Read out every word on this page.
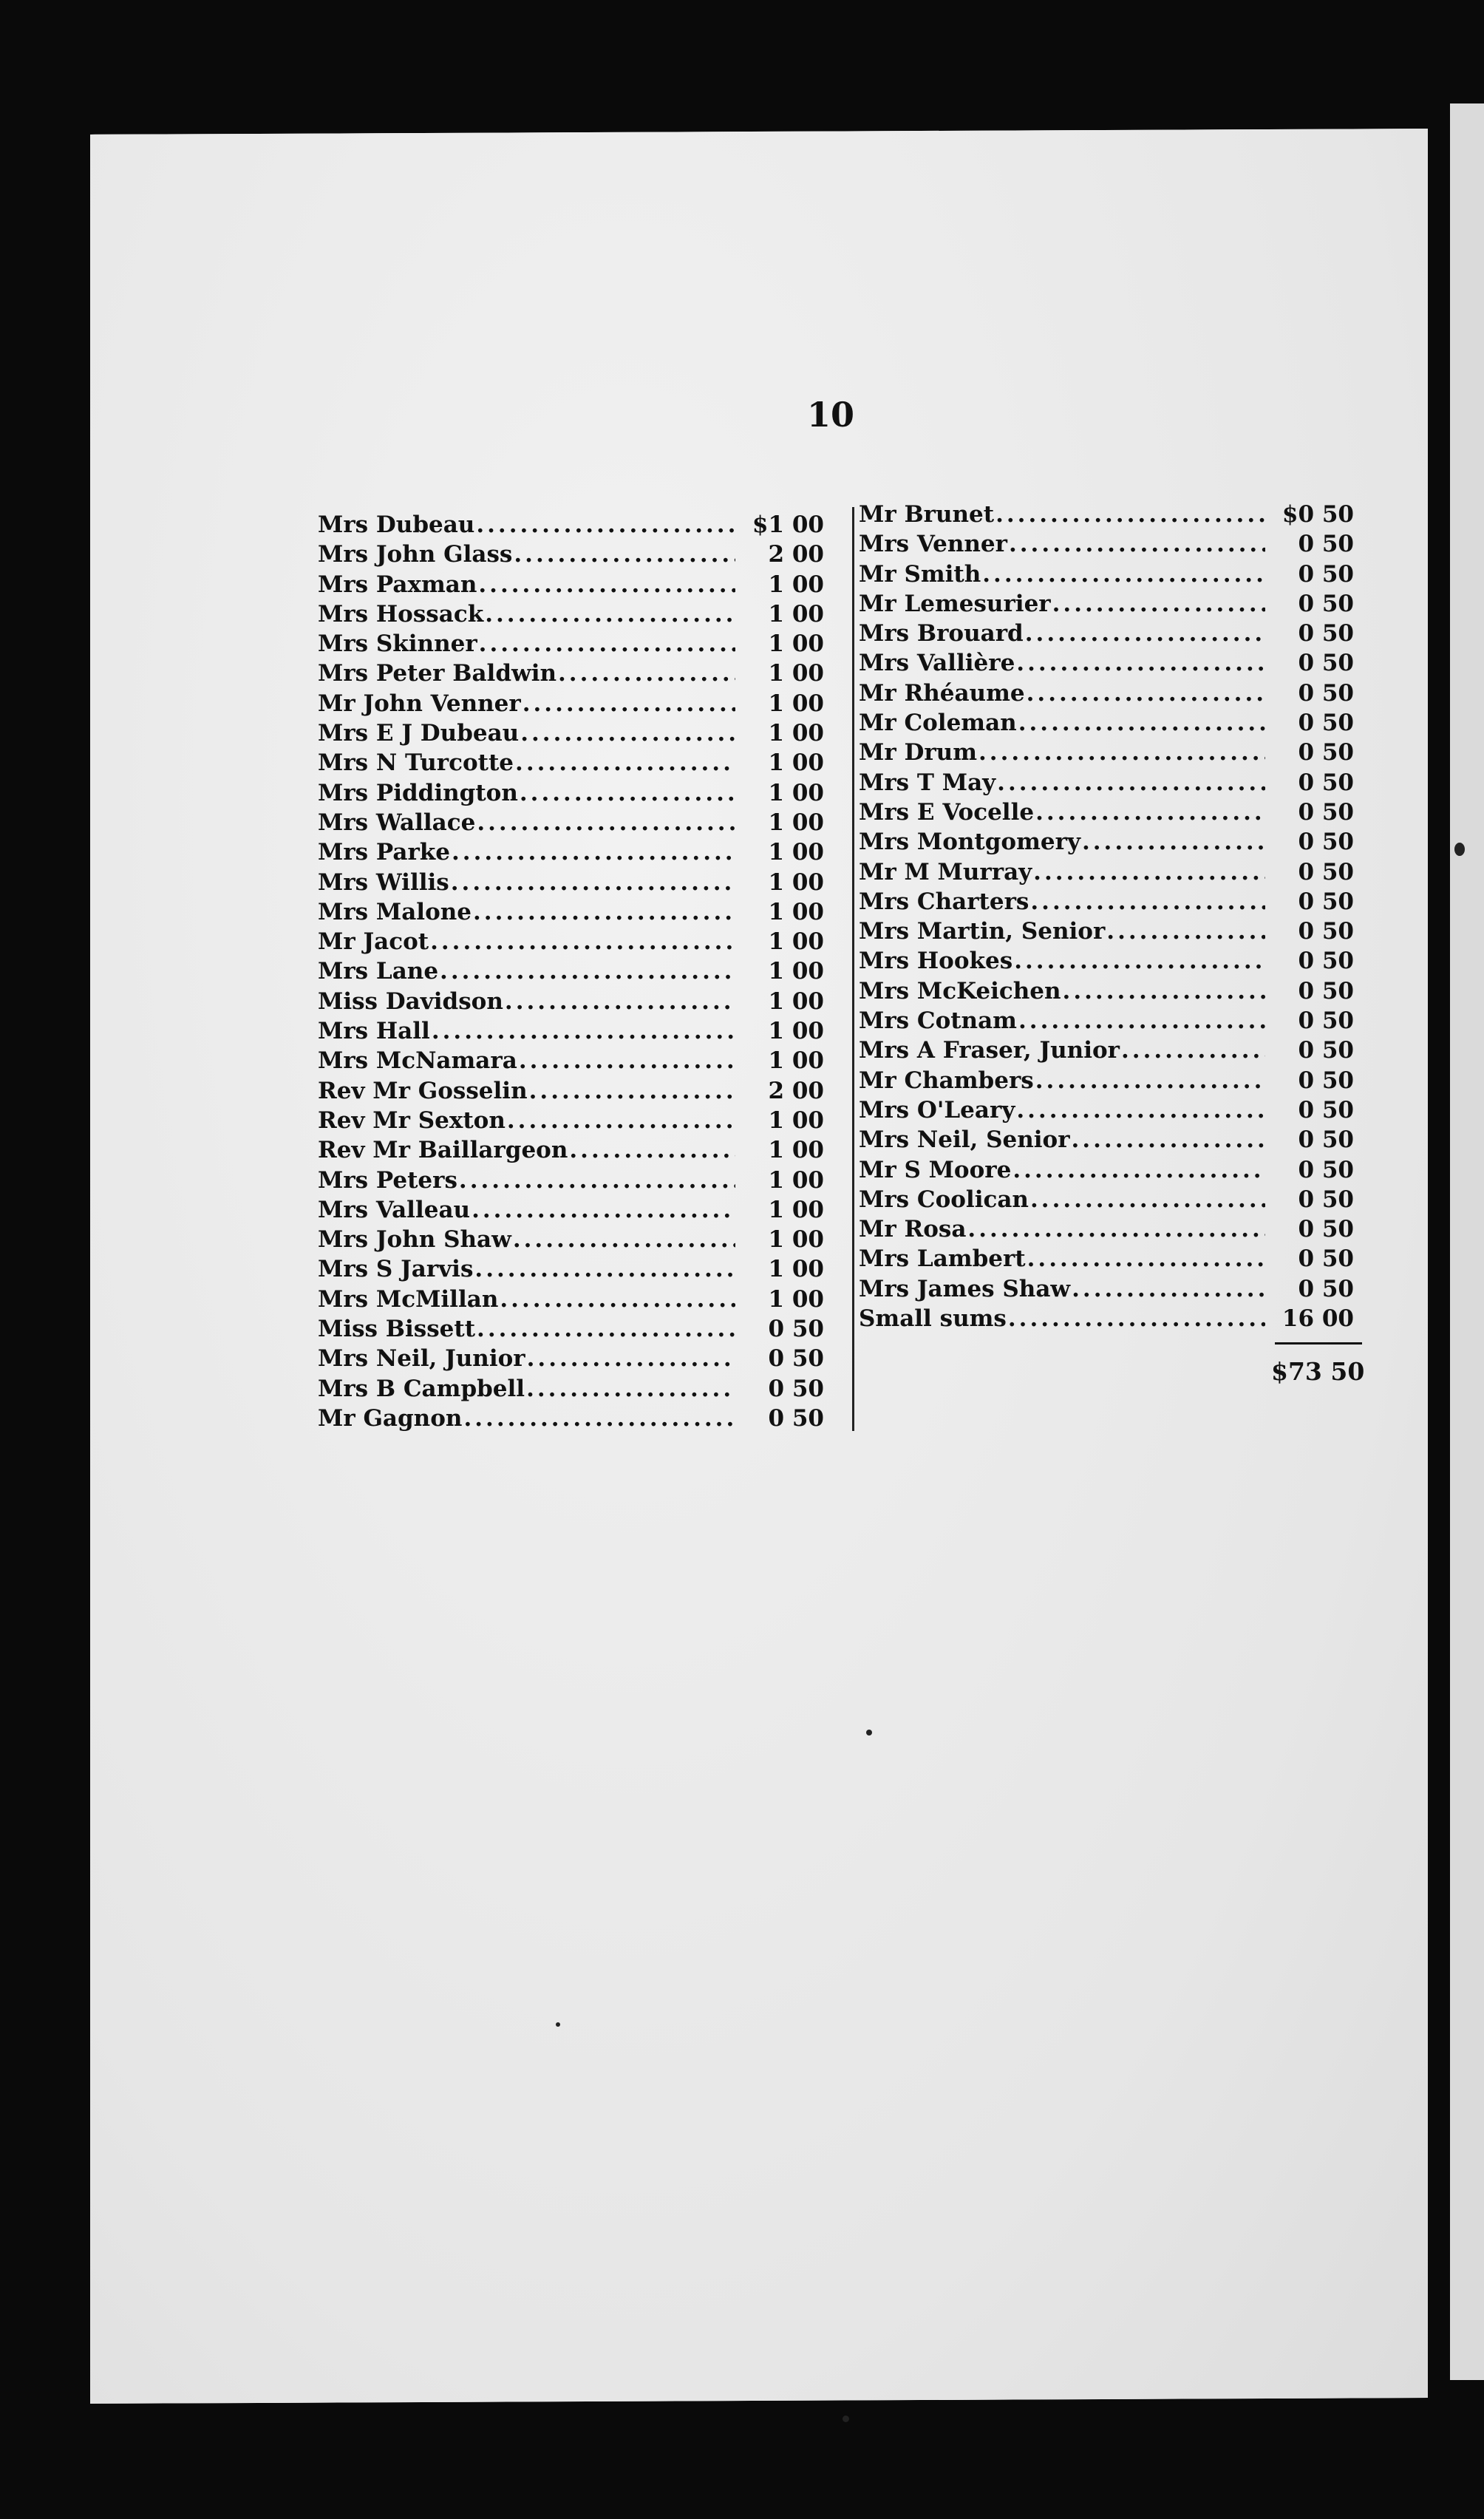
10
Mrs Dubeau .....	$1 00
Mrs John Glass .....	2 00
Mrs Paxman .....	1 00
Mrs Hossack .....	1 00
Mrs Skinner .....	1 00
Mrs Peter Baldwin .....	1 00
Mr John Venner .....	1 00
Mrs E J Dubeau .....	1 00
Mrs N Turcotte .....	1 00
Mrs Piddington .....	1 00
Mrs Wallace .....	1 00
Mrs Parke .....	1 00
Mrs Willis .....	1 00
Mrs Malone .....	1 00
Mr Jacot .....	1 00
Mrs Lane .....	1 00
Miss Davidson .....	1 00
Mrs Hall .....	1 00
Mrs McNamara .....	1 00
Rev Mr Gosselin .....	2 00
Rev Mr Sexton .....	1 00
Rev Mr Baillargeon .....	1 00
Mrs Peters .....	1 00
Mrs Valleau .....	1 00
Mrs John Shaw .....	1 00
Mrs S Jarvis .....	1 00
Mrs McMillan .....	1 00
Miss Bissett .....	0 50
Mrs Neil, Junior .....	0 50
Mrs B Campbell .....	0 50
Mr Gagnon .....	0 50
Mr Brunet .....	$0 50
Mrs Venner .....	0 50
Mr Smith .....	0 50
Mr Lemesurier .....	0 50
Mrs Brouard .....	0 50
Mrs Vallière .....	0 50
Mr Rhéaume .....	0 50
Mr Coleman .....	0 50
Mr Drum .....	0 50
Mrs T May .....	0 50
Mrs E Vocelle .....	0 50
Mrs Montgomery .....	0 50
Mr M Murray .....	0 50
Mrs Charters .....	0 50
Mrs Martin, Senior .....	0 50
Mrs Hookes .....	0 50
Mrs McKeichen .....	0 50
Mrs Cotnam .....	0 50
Mrs A Fraser, Junior .....	0 50
Mr Chambers .....	0 50
Mrs O'Leary .....	0 50
Mrs Neil, Senior .....	0 50
Mr S Moore .....	0 50
Mrs Coolican .....	0 50
Mr Rosa .....	0 50
Mrs Lambert .....	0 50
Mrs James Shaw .....	0 50
Small sums .....	16 00
$73 50
